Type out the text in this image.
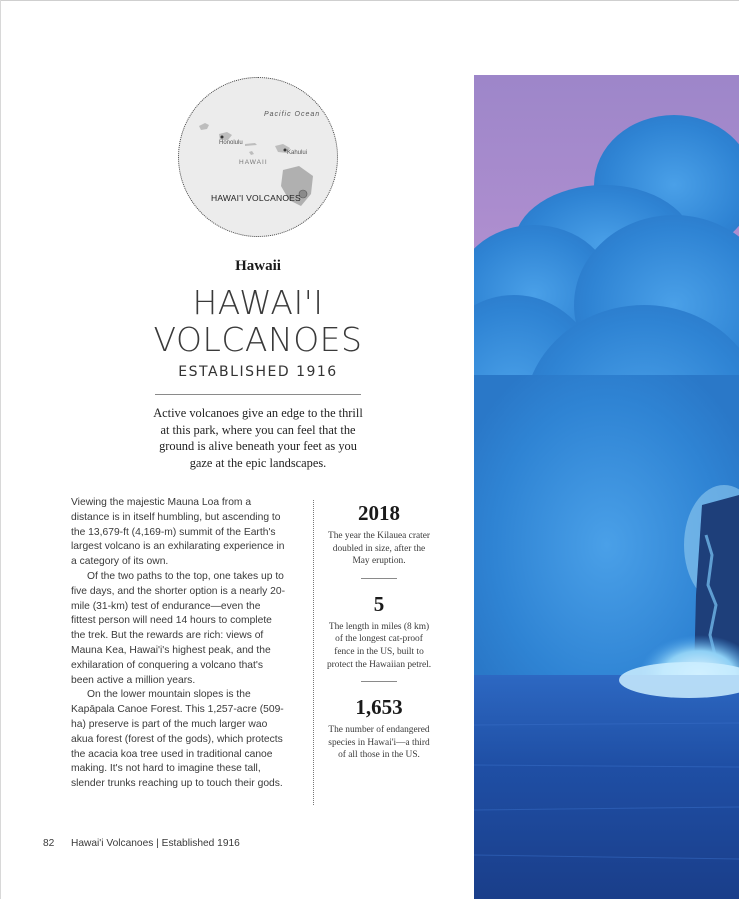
Pacific Ocean
Honolulu
Kahului
HAWAII
HAWAI'I VOLCANOES
Hawaii
HAWAI'I
VOLCANOES
ESTABLISHED 1916
Active volcanoes give an edge to the thrill at this park, where you can feel that the ground is alive beneath your feet as you gaze at the epic landscapes.

Viewing the majestic Mauna Loa from a distance is in itself humbling, but ascending to the 13,679-ft (4,169-m) summit of the Earth's largest volcano is an exhilarating experience in a category of its own.

Of the two paths to the top, one takes up to five days, and the shorter option is a nearly 20-mile (31-km) test of endurance—even the fittest person will need 14 hours to complete the trek. But the rewards are rich: views of Mauna Kea, Hawai'i's highest peak, and the exhilaration of conquering a volcano that's been active a million years.

On the lower mountain slopes is the Kapāpala Canoe Forest. This 1,257-acre (509-ha) preserve is part of the much larger wao akua forest (forest of the gods), which protects the acacia koa tree used in traditional canoe making. It's not hard to imagine these tall, slender trunks reaching up to touch their gods.

2018
The year the Kilauea crater doubled in size, after the May eruption.
5
The length in miles (8 km) of the longest cat-proof fence in the US, built to protect the Hawaiian petrel.
1,653
The number of endangered species in Hawai'i—a third of all those in the US.
82 Hawai'i Volcanoes | Established 1916
